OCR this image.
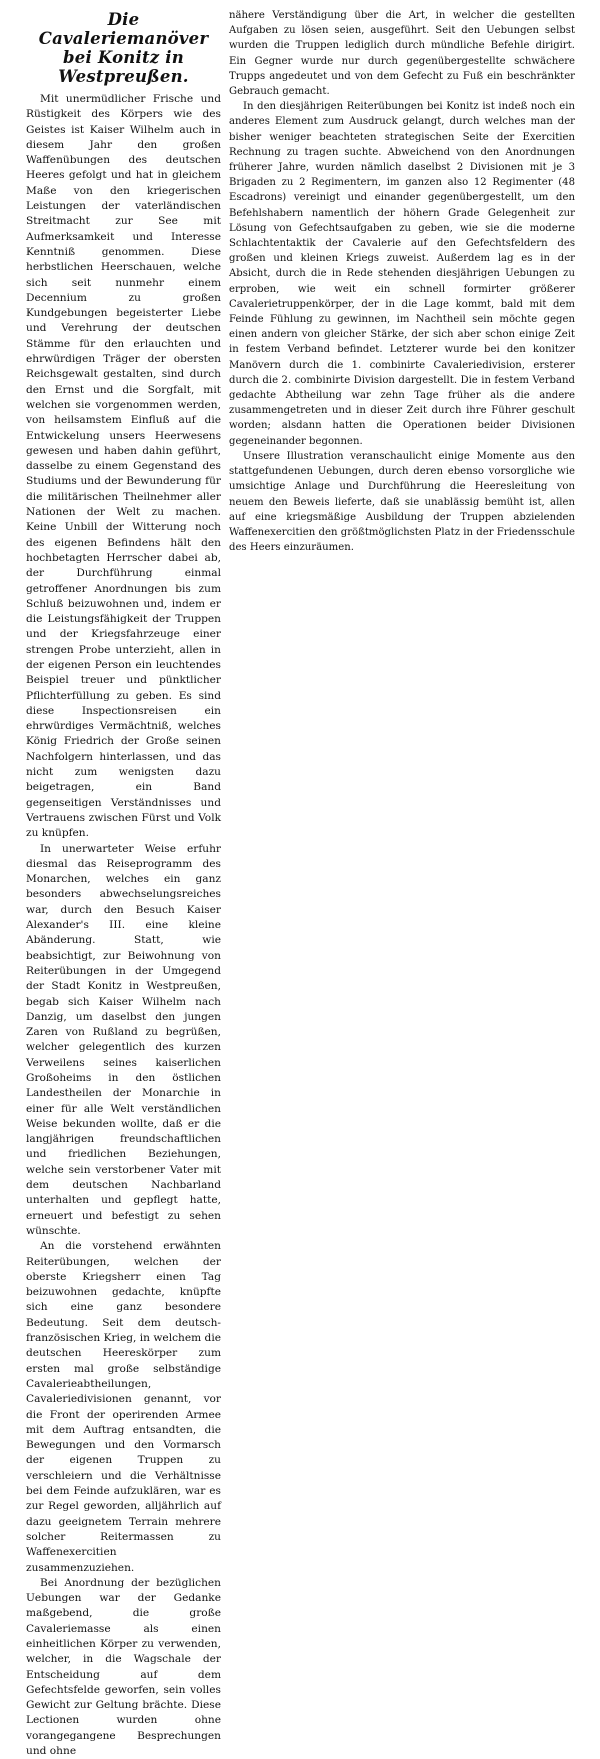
Die Cavaleriemanöver bei Konitz in Westpreußen.

Mit unermüdlicher Frische und Rüstigkeit des Körpers wie des Geistes ist Kaiser Wilhelm auch in diesem Jahr den großen Waffenübungen des deutschen Heeres gefolgt und hat in gleichem Maße von den kriegerischen Leistungen der vaterländischen Streitmacht zur See mit Aufmerksamkeit und Interesse Kenntniß genommen. Diese herbstlichen Heerschauen, welche sich seit nunmehr einem Decennium zu großen Kundgebungen begeisterter Liebe und Verehrung der deutschen Stämme für den erlauchten und ehrwürdigen Träger der obersten Reichsgewalt gestalten, sind durch den Ernst und die Sorgfalt, mit welchen sie vorgenommen werden, von heilsamstem Einfluß auf die Entwickelung unsers Heerwesens gewesen und haben dahin geführt, dasselbe zu einem Gegenstand des Studiums und der Bewunderung für die militärischen Theilnehmer aller Nationen der Welt zu machen. Keine Unbill der Witterung noch des eigenen Befindens hält den hochbetagten Herrscher dabei ab, der Durchführung einmal getroffener Anordnungen bis zum Schluß beizuwohnen und, indem er die Leistungsfähigkeit der Truppen und der Kriegsfahrzeuge einer strengen Probe unterzieht, allen in der eigenen Person ein leuchtendes Beispiel treuer und pünktlicher Pflichterfüllung zu geben. Es sind diese Inspectionsreisen ein ehrwürdiges Vermächtniß, welches König Friedrich der Große seinen Nachfolgern hinterlassen, und das nicht zum wenigsten dazu beigetragen, ein Band gegenseitigen Verständnisses und Vertrauens zwischen Fürst und Volk zu knüpfen.

In unerwarteter Weise erfuhr diesmal das Reiseprogramm des Monarchen, welches ein ganz besonders abwechselungsreiches war, durch den Besuch Kaiser Alexander's III. eine kleine Abänderung. Statt, wie beabsichtigt, zur Beiwohnung von Reiterübungen in der Umgegend der Stadt Konitz in Westpreußen, begab sich Kaiser Wilhelm nach Danzig, um daselbst den jungen Zaren von Rußland zu begrüßen, welcher gelegentlich des kurzen Verweilens seines kaiserlichen Großoheims in den östlichen Landestheilen der Monarchie in einer für alle Welt verständlichen Weise bekunden wollte, daß er die langjährigen freundschaftlichen und friedlichen Beziehungen, welche sein verstorbener Vater mit dem deutschen Nachbarland unterhalten und gepflegt hatte, erneuert und befestigt zu sehen wünschte.

An die vorstehend erwähnten Reiterübungen, welchen der oberste Kriegsherr einen Tag beizuwohnen gedachte, knüpfte sich eine ganz besondere Bedeutung. Seit dem deutsch-französischen Krieg, in welchem die deutschen Heereskörper zum ersten mal große selbständige Cavalerieabtheilungen, Cavaleriedivisionen genannt, vor die Front der operirenden Armee mit dem Auftrag entsandten, die Bewegungen und den Vormarsch der eigenen Truppen zu verschleiern und die Verhältnisse bei dem Feinde aufzuklären, war es zur Regel geworden, alljährlich auf dazu geeignetem Terrain mehrere solcher Reitermassen zu Waffenexercitien zusammenzuziehen.

Bei Anordnung der bezüglichen Uebungen war der Gedanke maßgebend, die große Cavaleriemasse als einen einheitlichen Körper zu verwenden, welcher, in die Wagschale der Entscheidung auf dem Gefechtsfelde geworfen, sein volles Gewicht zur Geltung brächte. Diese Lectionen wurden ohne vorangegangene Besprechungen und ohne

nähere Verständigung über die Art, in welcher die gestellten Aufgaben zu lösen seien, ausgeführt. Seit den Uebungen selbst wurden die Truppen lediglich durch mündliche Befehle dirigirt. Ein Gegner wurde nur durch gegenübergestellte schwächere Trupps angedeutet und von dem Gefecht zu Fuß ein beschränkter Gebrauch gemacht.

In den diesjährigen Reiterübungen bei Konitz ist indeß noch ein anderes Element zum Ausdruck gelangt, durch welches man der bisher weniger beachteten strategischen Seite der Exercitien Rechnung zu tragen suchte. Abweichend von den Anordnungen früherer Jahre, wurden nämlich daselbst 2 Divisionen mit je 3 Brigaden zu 2 Regimentern, im ganzen also 12 Regimenter (48 Escadrons) vereinigt und einander gegenübergestellt, um den Befehlshabern namentlich der höhern Grade Gelegenheit zur Lösung von Gefechtsaufgaben zu geben, wie sie die moderne Schlachtentaktik der Cavalerie auf den Gefechtsfeldern des großen und kleinen Kriegs zuweist. Außerdem lag es in der Absicht, durch die in Rede stehenden diesjährigen Uebungen zu erproben, wie weit ein schnell formirter größerer Cavalerietruppenkörper, der in die Lage kommt, bald mit dem Feinde Fühlung zu gewinnen, im Nachtheil sein möchte gegen einen andern von gleicher Stärke, der sich aber schon einige Zeit in festem Verband befindet. Letzterer wurde bei den konitzer Manövern durch die 1. combinirte Cavaleriedivision, ersterer durch die 2. combinirte Division dargestellt. Die in festem Verband gedachte Abtheilung war zehn Tage früher als die andere zusammengetreten und in dieser Zeit durch ihre Führer geschult worden; alsdann hatten die Operationen beider Divisionen gegeneinander begonnen.

Unsere Illustration veranschaulicht einige Momente aus den stattgefundenen Uebungen, durch deren ebenso vorsorgliche wie umsichtige Anlage und Durchführung die Heeresleitung von neuem den Beweis lieferte, daß sie unablässig bemüht ist, allen auf eine kriegsmäßige Ausbildung der Truppen abzielenden Waffenexercitien den größtmöglichsten Platz in der Friedensschule des Heers einzuräumen.
